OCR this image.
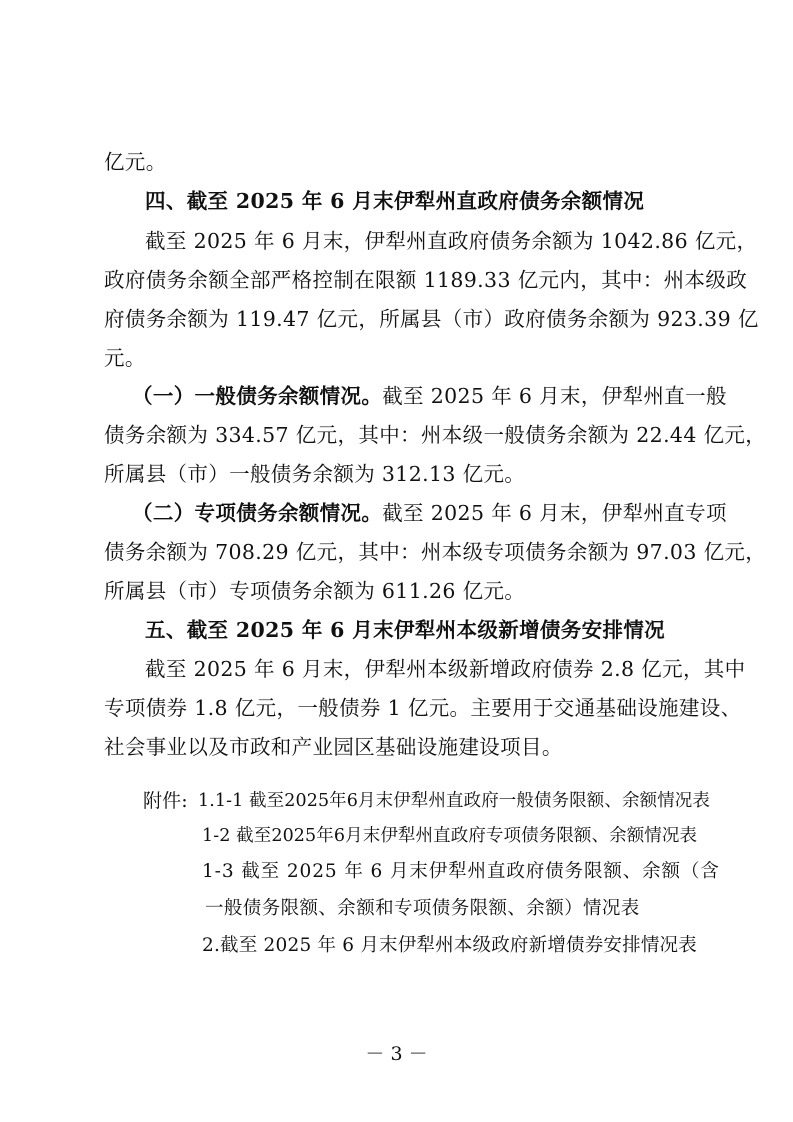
亿元。
四、截至 2025 年 6 月末伊犁州直政府债务余额情况
截至 2025 年 6 月末，伊犁州直政府债务余额为 1042.86 亿元，
政府债务余额全部严格控制在限额 1189.33 亿元内，其中：州本级政
府债务余额为 119.47 亿元，所属县（市）政府债务余额为 923.39 亿
元。
（一）一般债务余额情况。截至 2025 年 6 月末，伊犁州直一般
债务余额为 334.57 亿元，其中：州本级一般债务余额为 22.44 亿元，
所属县（市）一般债务余额为 312.13 亿元。
（二）专项债务余额情况。截至 2025 年 6 月末，伊犁州直专项
债务余额为 708.29 亿元，其中：州本级专项债务余额为 97.03 亿元，
所属县（市）专项债务余额为 611.26 亿元。
五、截至 2025 年 6 月末伊犁州本级新增债务安排情况
截至 2025 年 6 月末，伊犁州本级新增政府债券 2.8 亿元，其中
专项债券 1.8 亿元，一般债券 1 亿元。主要用于交通基础设施建设、
社会事业以及市政和产业园区基础设施建设项目。
附件: 1.1-1 截至2025年6月末伊犁州直政府一般债务限额、余额情况表
1-2 截至2025年6月末伊犁州直政府专项债务限额、余额情况表
1-3 截至 2025 年 6 月末伊犁州直政府债务限额、余额（含
一般债务限额、余额和专项债务限额、余额）情况表
2.截至 2025 年 6 月末伊犁州本级政府新增债券安排情况表
－ 3 －
